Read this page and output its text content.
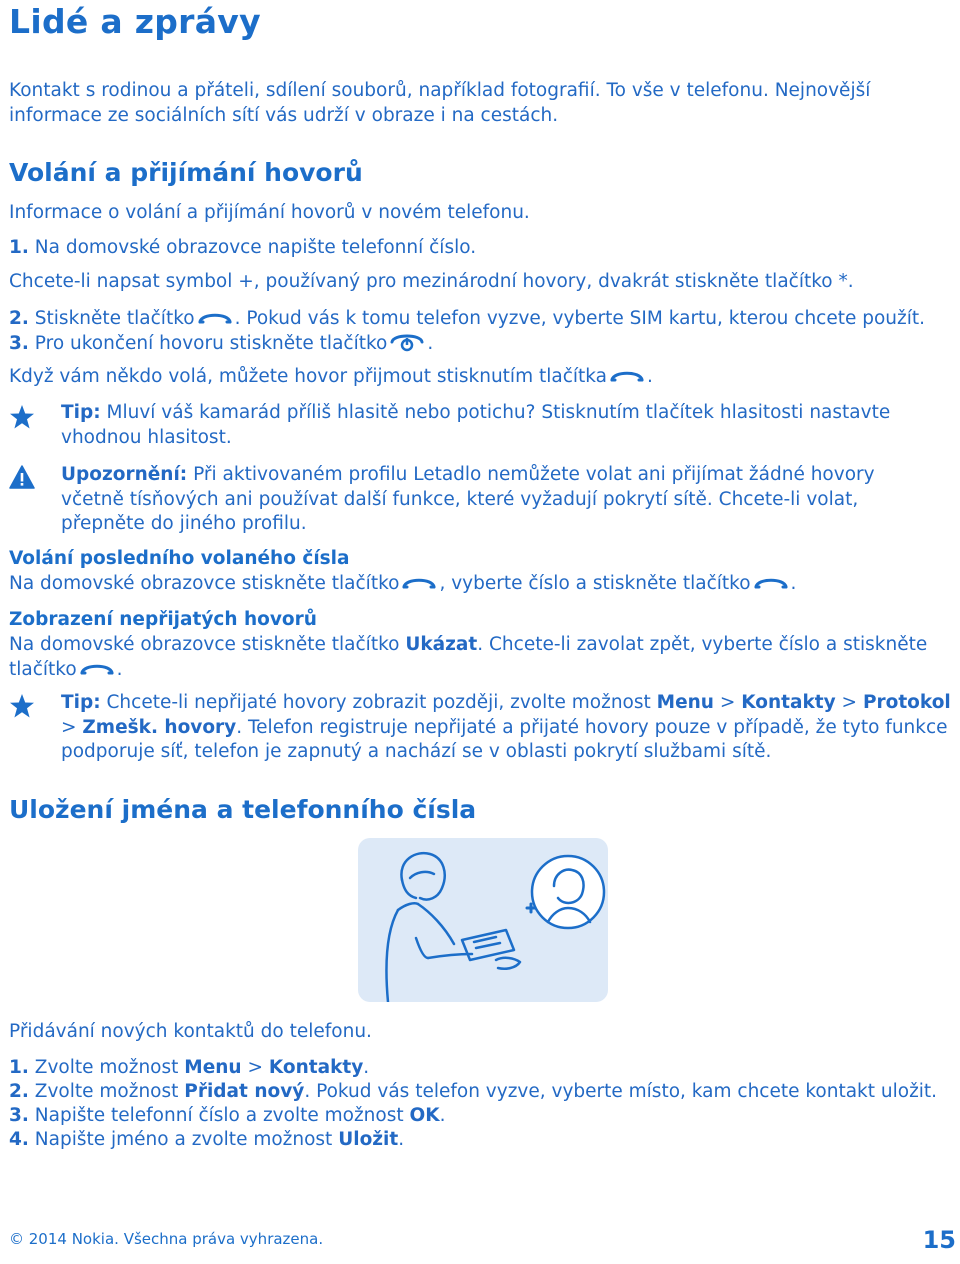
Lidé a zprávy
Kontakt s rodinou a přáteli, sdílení souborů, například fotografií. To vše v telefonu. Nejnovější informace ze sociálních sítí vás udrží v obraze i na cestách.
Volání a přijímání hovorů
Informace o volání a přijímání hovorů v novém telefonu.
1. Na domovské obrazovce napište telefonní číslo.
Chcete-li napsat symbol +, používaný pro mezinárodní hovory, dvakrát stiskněte tlačítko *.
2. Stiskněte tlačítko . Pokud vás k tomu telefon vyzve, vyberte SIM kartu, kterou chcete použít.
3. Pro ukončení hovoru stiskněte tlačítko .
Když vám někdo volá, můžete hovor přijmout stisknutím tlačítka .
Tip: Mluví váš kamarád příliš hlasitě nebo potichu? Stisknutím tlačítek hlasitosti nastavte vhodnou hlasitost.
Upozornění: Při aktivovaném profilu Letadlo nemůžete volat ani přijímat žádné hovory včetně tísňových ani používat další funkce, které vyžadují pokrytí sítě. Chcete-li volat, přepněte do jiného profilu.
Volání posledního volaného čísla
Na domovské obrazovce stiskněte tlačítko , vyberte číslo a stiskněte tlačítko .
Zobrazení nepřijatých hovorů
Na domovské obrazovce stiskněte tlačítko Ukázat. Chcete-li zavolat zpět, vyberte číslo a stiskněte tlačítko .
Tip: Chcete-li nepřijaté hovory zobrazit později, zvolte možnost Menu > Kontakty > Protokol > Zmešk. hovory. Telefon registruje nepřijaté a přijaté hovory pouze v případě, že tyto funkce podporuje síť, telefon je zapnutý a nachází se v oblasti pokrytí službami sítě.
Uložení jména a telefonního čísla
Přidávání nových kontaktů do telefonu.
1. Zvolte možnost Menu > Kontakty.
2. Zvolte možnost Přidat nový. Pokud vás telefon vyzve, vyberte místo, kam chcete kontakt uložit.
3. Napište telefonní číslo a zvolte možnost OK.
4. Napište jméno a zvolte možnost Uložit.
© 2014 Nokia. Všechna práva vyhrazena.	15
